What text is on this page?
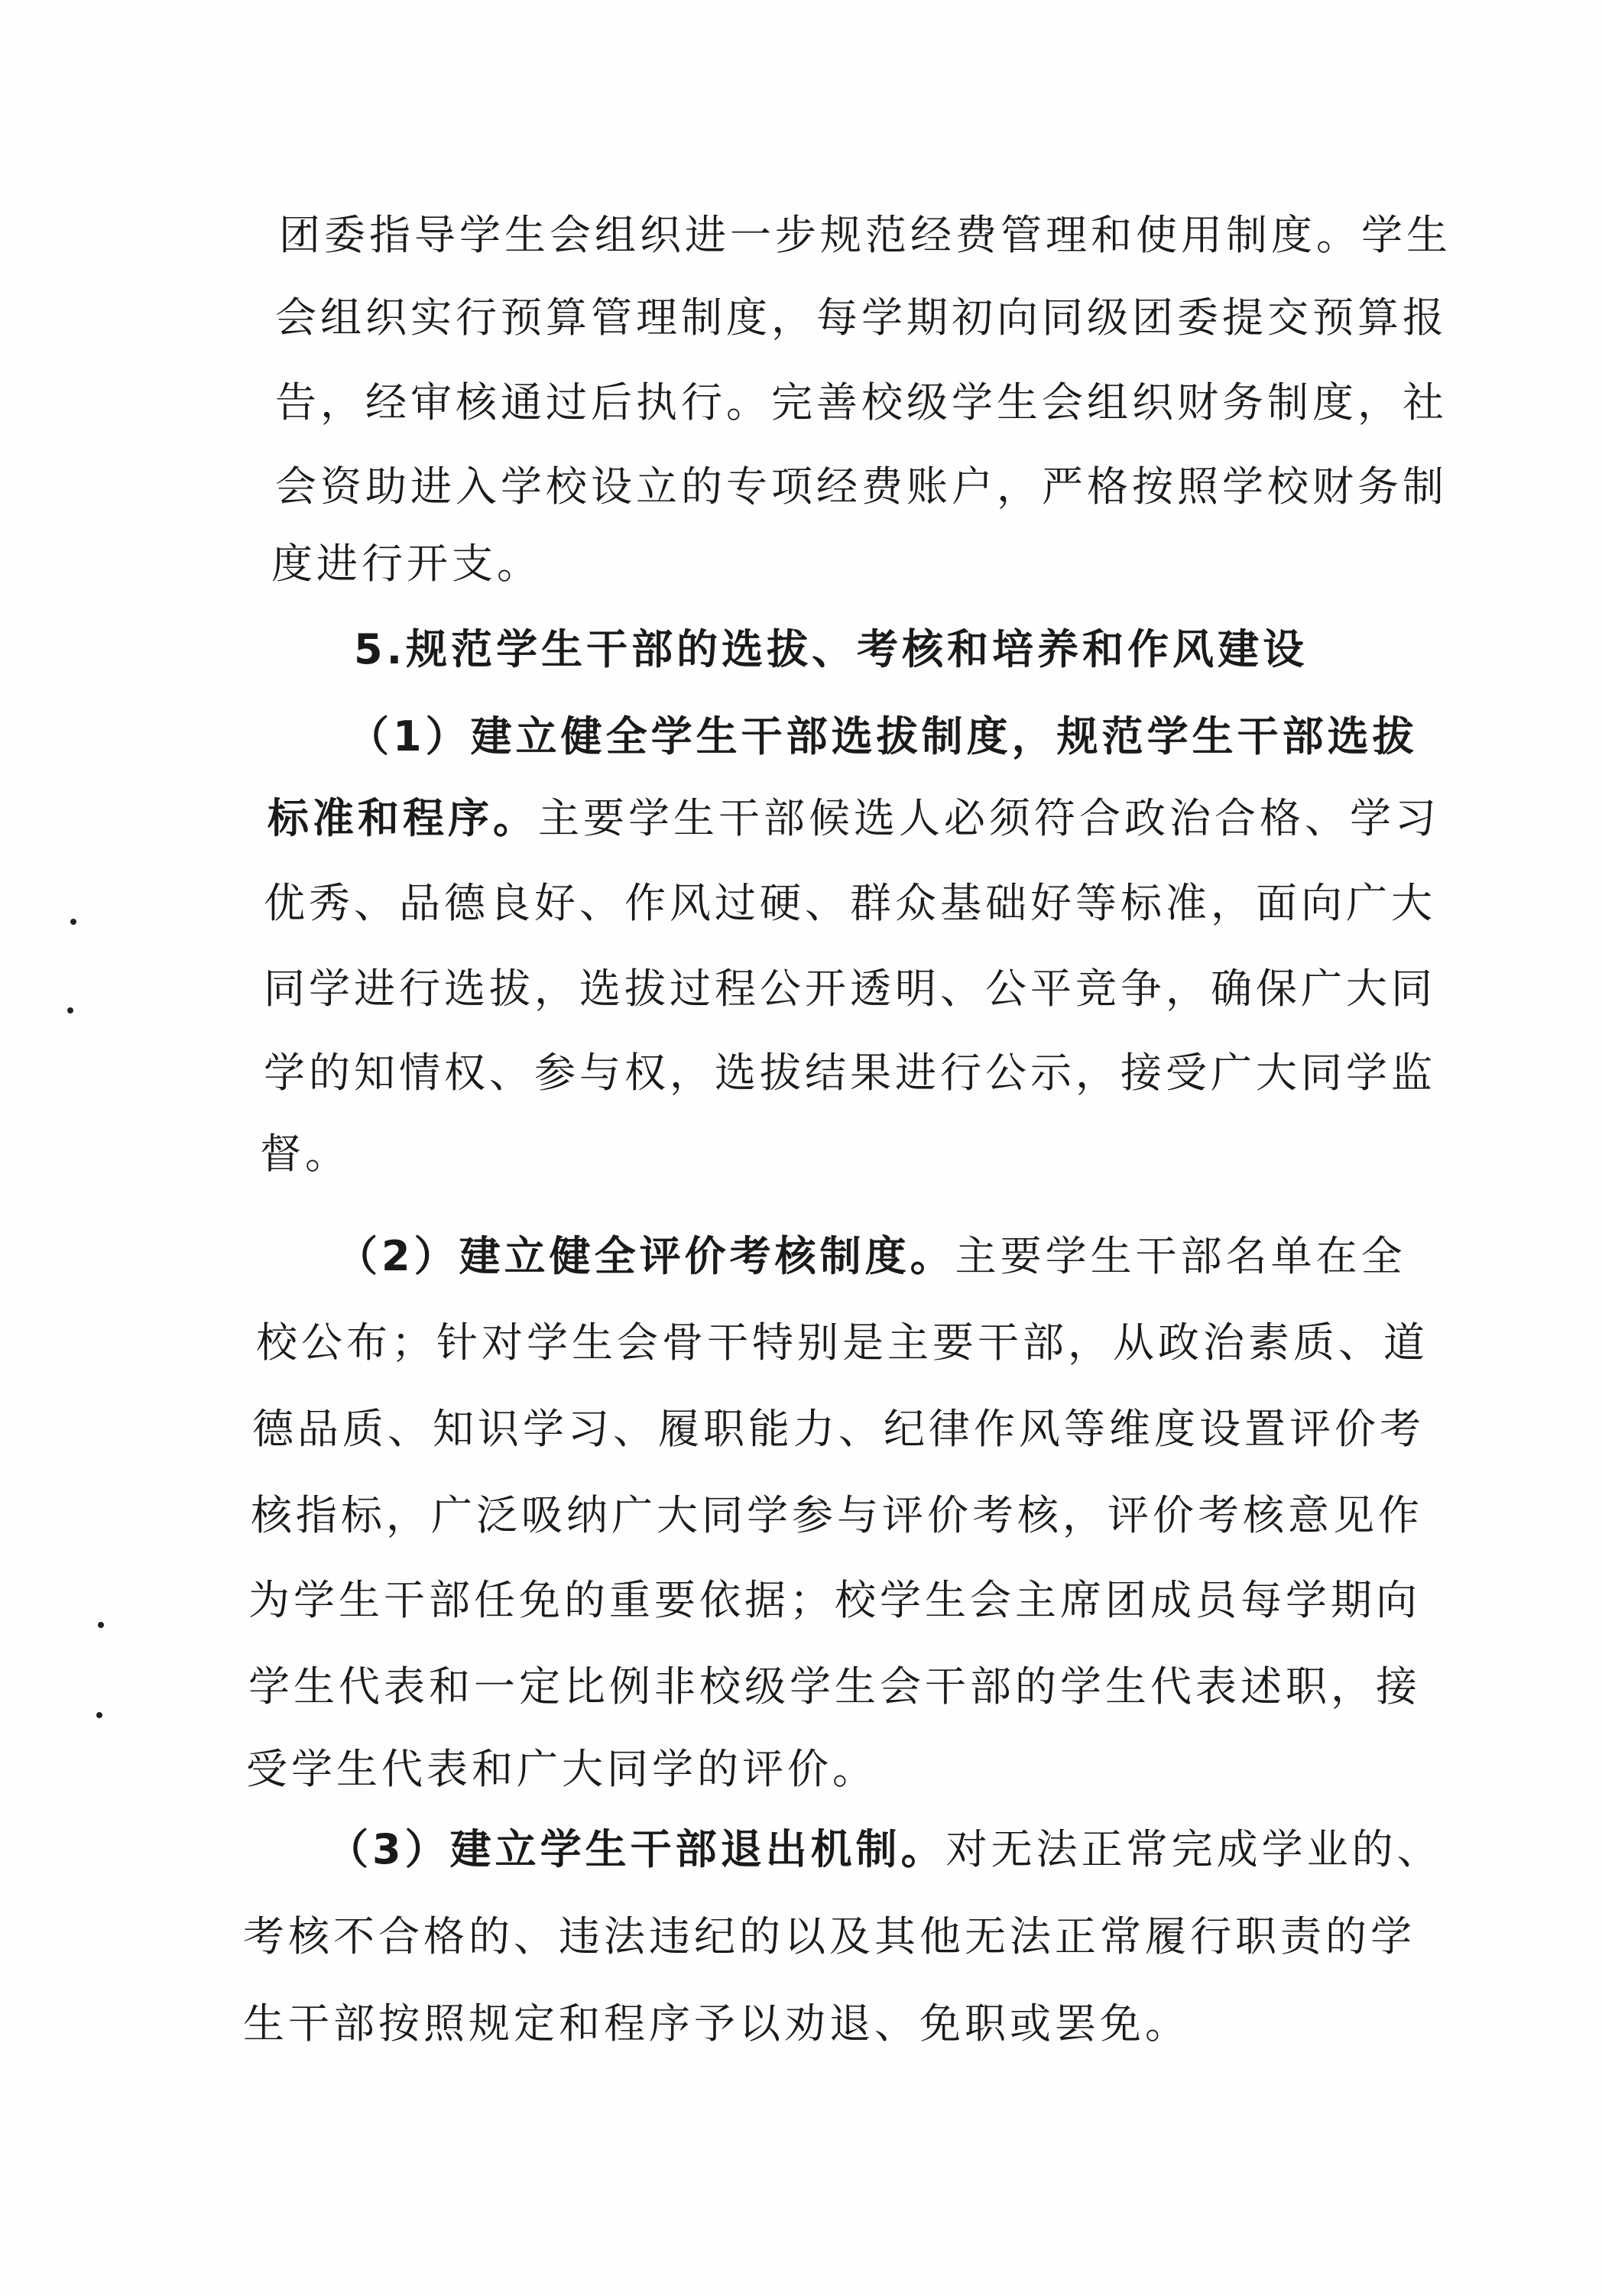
团委指导学生会组织进一步规范经费管理和使用制度。学生
会组织实行预算管理制度，每学期初向同级团委提交预算报
告，经审核通过后执行。完善校级学生会组织财务制度，社
会资助进入学校设立的专项经费账户，严格按照学校财务制
度进行开支。
5.规范学生干部的选拔、考核和培养和作风建设
（1）建立健全学生干部选拔制度，规范学生干部选拔
标准和程序。主要学生干部候选人必须符合政治合格、学习
优秀、品德良好、作风过硬、群众基础好等标准，面向广大
同学进行选拔，选拔过程公开透明、公平竞争，确保广大同
学的知情权、参与权，选拔结果进行公示，接受广大同学监
督。
（2）建立健全评价考核制度。主要学生干部名单在全
校公布；针对学生会骨干特别是主要干部，从政治素质、道
德品质、知识学习、履职能力、纪律作风等维度设置评价考
核指标，广泛吸纳广大同学参与评价考核，评价考核意见作
为学生干部任免的重要依据；校学生会主席团成员每学期向
学生代表和一定比例非校级学生会干部的学生代表述职，接
受学生代表和广大同学的评价。
（3）建立学生干部退出机制。对无法正常完成学业的、
考核不合格的、违法违纪的以及其他无法正常履行职责的学
生干部按照规定和程序予以劝退、免职或罢免。
